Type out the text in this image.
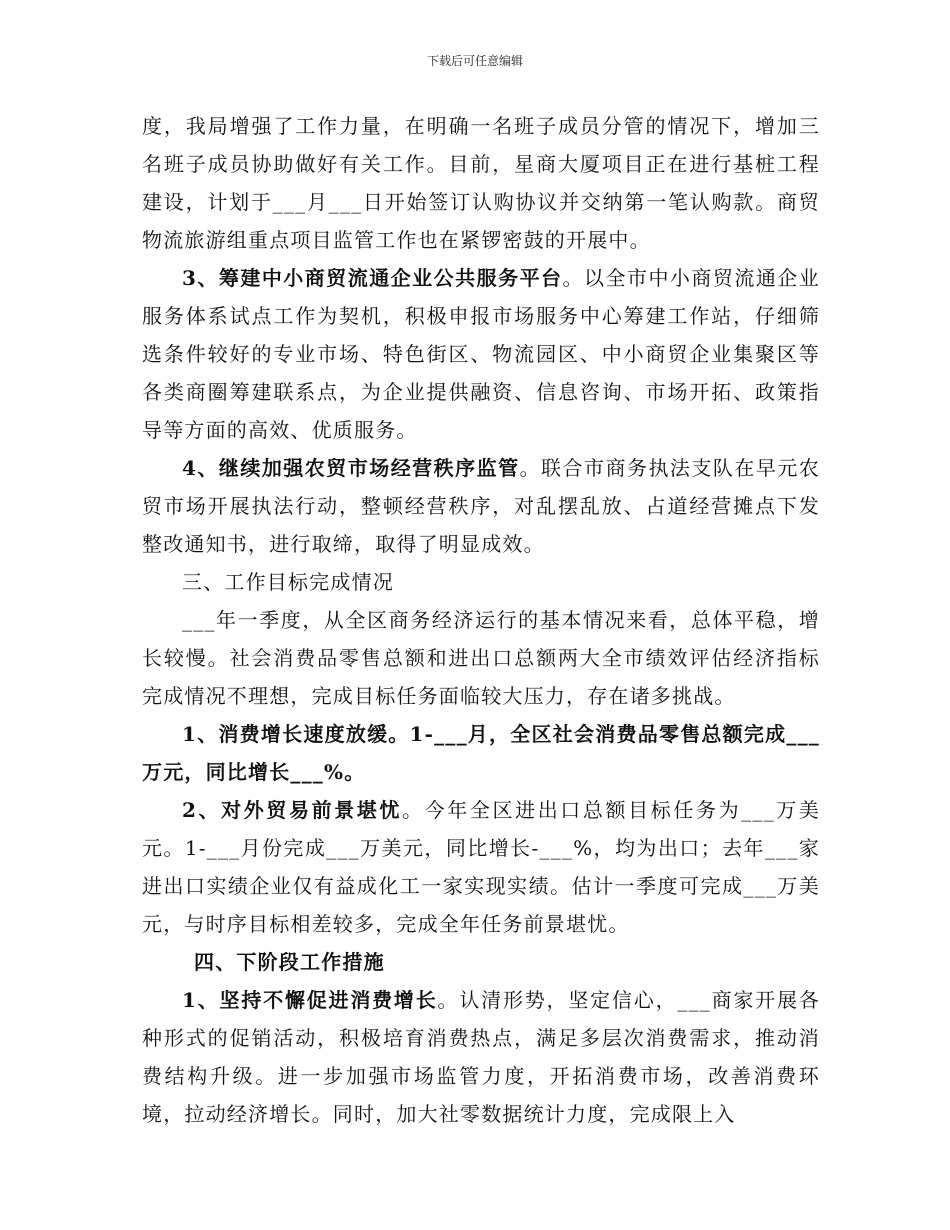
下载后可任意编辑

度，我局增强了工作力量，在明确一名班子成员分管的情况下，增加三名班子成员协助做好有关工作。目前，星商大厦项目正在进行基桩工程建设，计划于___月___日开始签订认购协议并交纳第一笔认购款。商贸物流旅游组重点项目监管工作也在紧锣密鼓的开展中。

3、筹建中小商贸流通企业公共服务平台。以全市中小商贸流通企业服务体系试点工作为契机，积极申报市场服务中心筹建工作站，仔细筛选条件较好的专业市场、特色街区、物流园区、中小商贸企业集聚区等各类商圈筹建联系点，为企业提供融资、信息咨询、市场开拓、政策指导等方面的高效、优质服务。

4、继续加强农贸市场经营秩序监管。联合市商务执法支队在早元农贸市场开展执法行动，整顿经营秩序，对乱摆乱放、占道经营摊点下发整改通知书，进行取缔，取得了明显成效。

三、工作目标完成情况

___年一季度，从全区商务经济运行的基本情况来看，总体平稳，增长较慢。社会消费品零售总额和进出口总额两大全市绩效评估经济指标完成情况不理想，完成目标任务面临较大压力，存在诸多挑战。

1、消费增长速度放缓。1-___月，全区社会消费品零售总额完成___万元，同比增长___%。

2、对外贸易前景堪忧。今年全区进出口总额目标任务为___万美元。1-___月份完成___万美元，同比增长-___%，均为出口；去年___家进出口实绩企业仅有益成化工一家实现实绩。估计一季度可完成___万美元，与时序目标相差较多，完成全年任务前景堪忧。

四、下阶段工作措施

1、坚持不懈促进消费增长。认清形势，坚定信心，___商家开展各种形式的促销活动，积极培育消费热点，满足多层次消费需求，推动消费结构升级。进一步加强市场监管力度，开拓消费市场，改善消费环境，拉动经济增长。同时，加大社零数据统计力度，完成限上入
